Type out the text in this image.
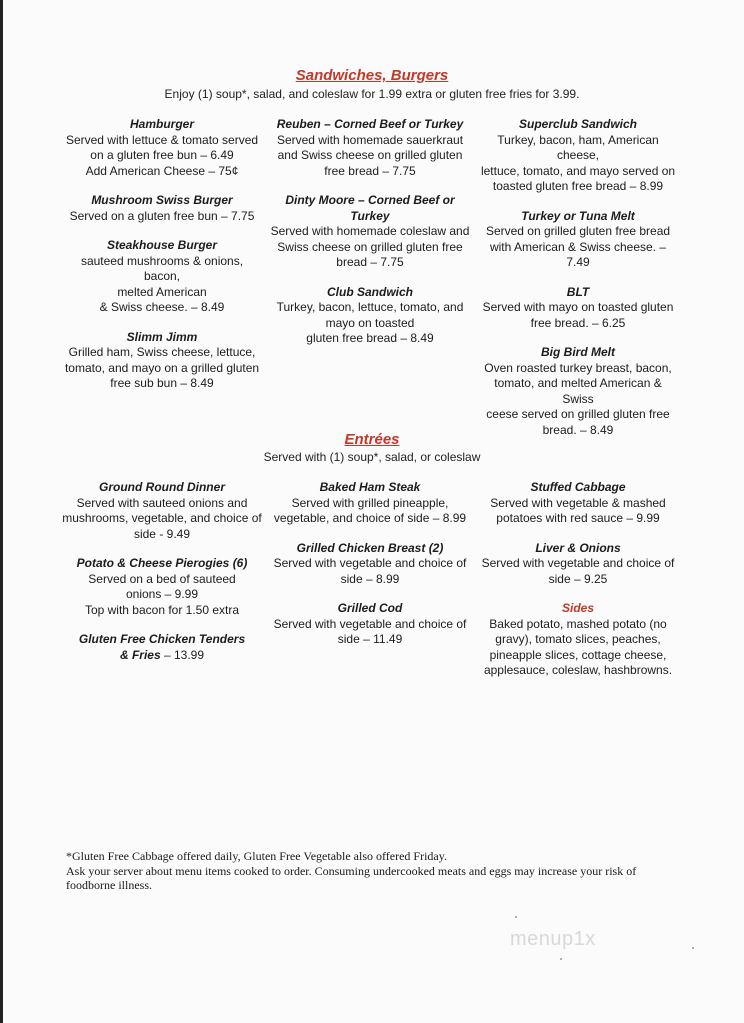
Sandwiches, Burgers
Enjoy (1) soup*, salad, and coleslaw for 1.99 extra or gluten free fries for 3.99.
Hamburger
Served with lettuce & tomato served
on a gluten free bun – 6.49
Add American Cheese – 75¢
Mushroom Swiss Burger
Served on a gluten free bun – 7.75
Steakhouse Burger
sauteed mushrooms & onions, bacon,
melted American
& Swiss cheese. – 8.49
Slimm Jimm
Grilled ham, Swiss cheese, lettuce,
tomato, and mayo on a grilled gluten
free sub bun – 8.49
Reuben – Corned Beef or Turkey
Served with homemade sauerkraut
and Swiss cheese on grilled gluten
free bread – 7.75
Dinty Moore – Corned Beef or
Turkey
Served with homemade coleslaw and
Swiss cheese on grilled gluten free
bread – 7.75
Club Sandwich
Turkey, bacon, lettuce, tomato, and
mayo on toasted
gluten free bread – 8.49
Superclub Sandwich
Turkey, bacon, ham, American cheese,
lettuce, tomato, and mayo served on
toasted gluten free bread – 8.99
Turkey or Tuna Melt
Served on grilled gluten free bread
with American & Swiss cheese. – 7.49
BLT
Served with mayo on toasted gluten
free bread. – 6.25
Big Bird Melt
Oven roasted turkey breast, bacon,
tomato, and melted American & Swiss
ceese served on grilled gluten free
bread. – 8.49
Entrées
Served with (1) soup*, salad, or coleslaw
Ground Round Dinner
Served with sauteed onions and
mushrooms, vegetable, and choice of
side - 9.49
Potato & Cheese Pierogies (6)
Served on a bed of sauteed
onions – 9.99
Top with bacon for 1.50 extra
Gluten Free Chicken Tenders
& Fries – 13.99
Baked Ham Steak
Served with grilled pineapple,
vegetable, and choice of side – 8.99
Grilled Chicken Breast (2)
Served with vegetable and choice of
side – 8.99
Grilled Cod
Served with vegetable and choice of
side – 11.49
Stuffed Cabbage
Served with vegetable & mashed
potatoes with red sauce – 9.99
Liver & Onions
Served with vegetable and choice of
side – 9.25
Sides
Baked potato, mashed potato (no
gravy), tomato slices, peaches,
pineapple slices, cottage cheese,
applesauce, coleslaw, hashbrowns.
*Gluten Free Cabbage offered daily, Gluten Free Vegetable also offered Friday.
Ask your server about menu items cooked to order. Consuming undercooked meats and eggs may increase your risk of
foodborne illness.
menup1x
